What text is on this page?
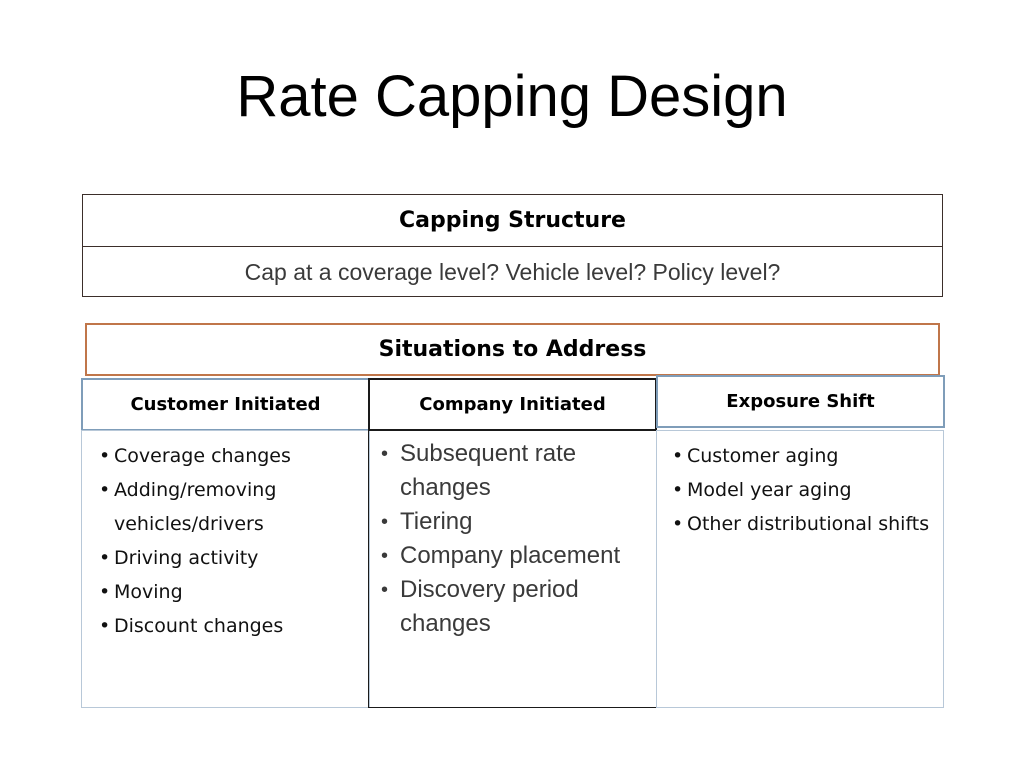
Rate Capping Design
Capping Structure
Cap at a coverage level? Vehicle level? Policy level?
Situations to Address
Customer Initiated	Company Initiated	Exposure Shift
• Coverage changes
• Adding/removing vehicles/drivers
• Driving activity
• Moving
• Discount changes
• Subsequent rate changes
• Tiering
• Company placement
• Discovery period changes
• Customer aging
• Model year aging
• Other distributional shifts
